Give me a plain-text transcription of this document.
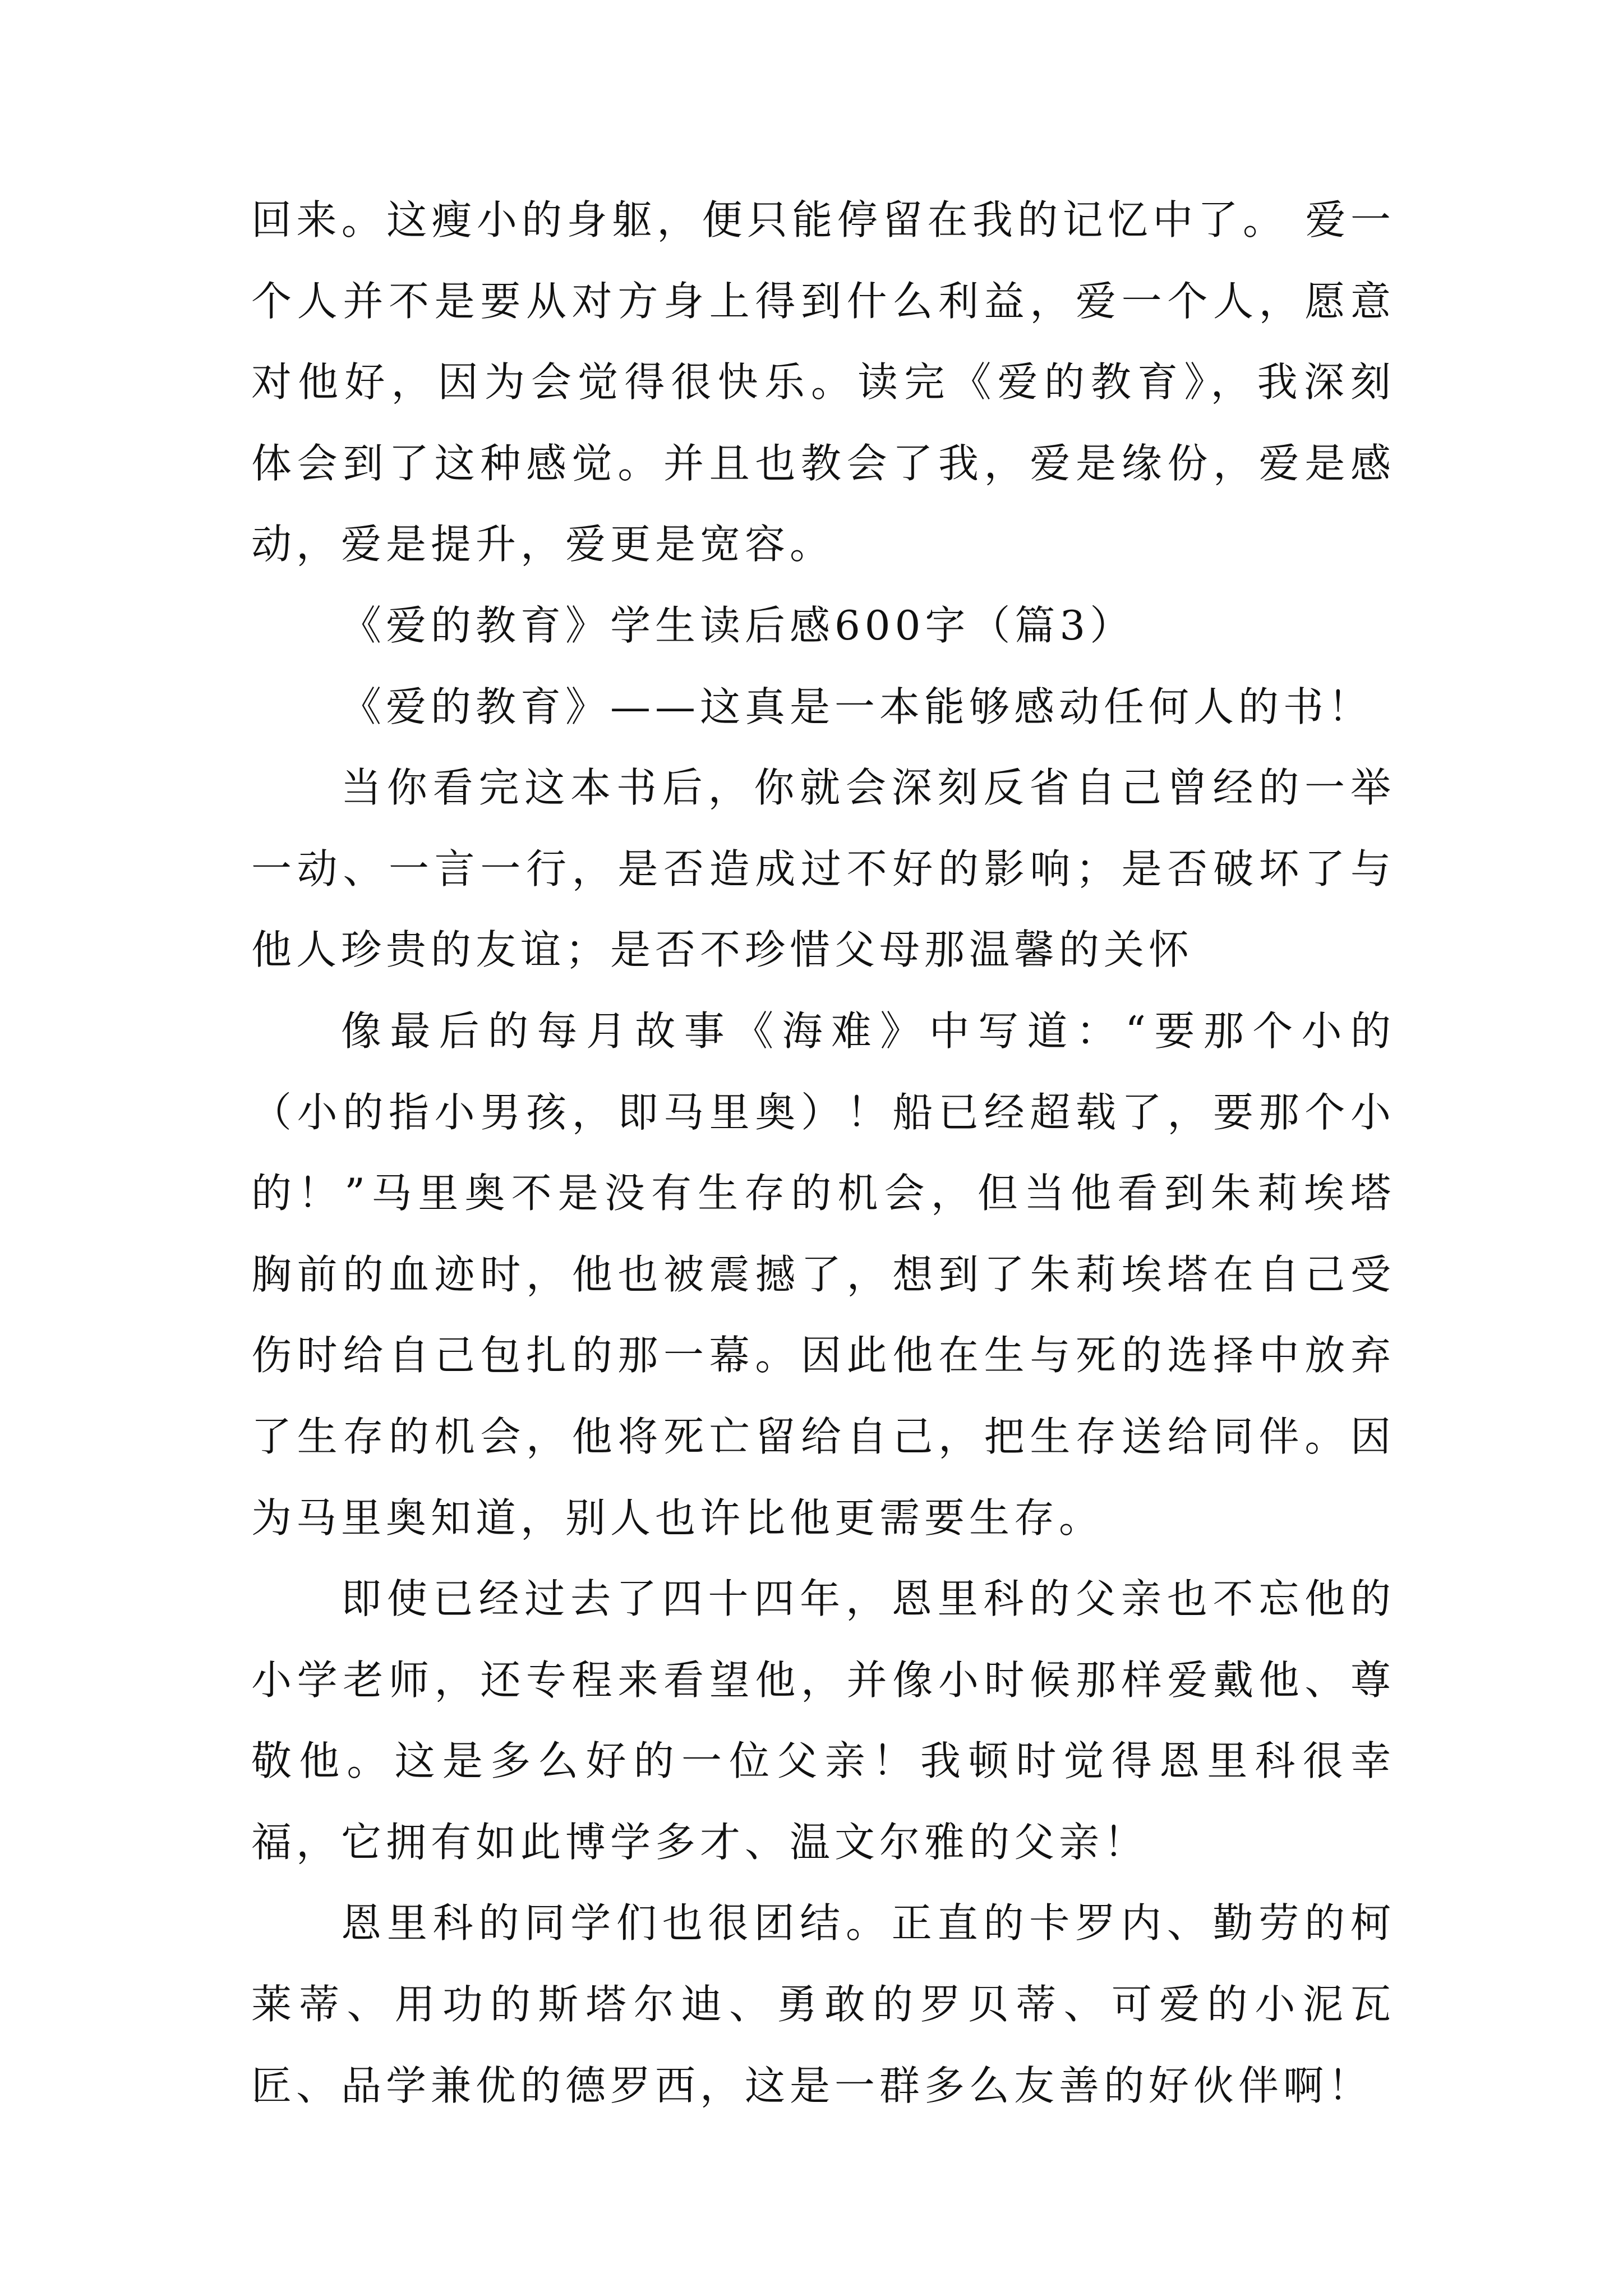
回来。这瘦小的身躯，便只能停留在我的记忆中了。 爱一个人并不是要从对方身上得到什么利益，爱一个人，愿意对他好，因为会觉得很快乐。读完《爱的教育》，我深刻体会到了这种感觉。并且也教会了我，爱是缘份，爱是感动，爱是提升，爱更是宽容。

《爱的教育》学生读后感600字（篇3）

《爱的教育》——这真是一本能够感动任何人的书！

当你看完这本书后，你就会深刻反省自己曾经的一举一动、一言一行，是否造成过不好的影响；是否破坏了与他人珍贵的友谊；是否不珍惜父母那温馨的关怀

像最后的每月故事《海难》中写道：“要那个小的（小的指小男孩，即马里奥）！船已经超载了，要那个小的！”马里奥不是没有生存的机会，但当他看到朱莉埃塔胸前的血迹时，他也被震撼了，想到了朱莉埃塔在自己受伤时给自己包扎的那一幕。因此他在生与死的选择中放弃了生存的机会，他将死亡留给自己，把生存送给同伴。因为马里奥知道，别人也许比他更需要生存。

即使已经过去了四十四年，恩里科的父亲也不忘他的小学老师，还专程来看望他，并像小时候那样爱戴他、尊敬他。这是多么好的一位父亲！我顿时觉得恩里科很幸福，它拥有如此博学多才、温文尔雅的父亲！

恩里科的同学们也很团结。正直的卡罗内、勤劳的柯莱蒂、用功的斯塔尔迪、勇敢的罗贝蒂、可爱的小泥瓦匠、品学兼优的德罗西，这是一群多么友善的好伙伴啊！
